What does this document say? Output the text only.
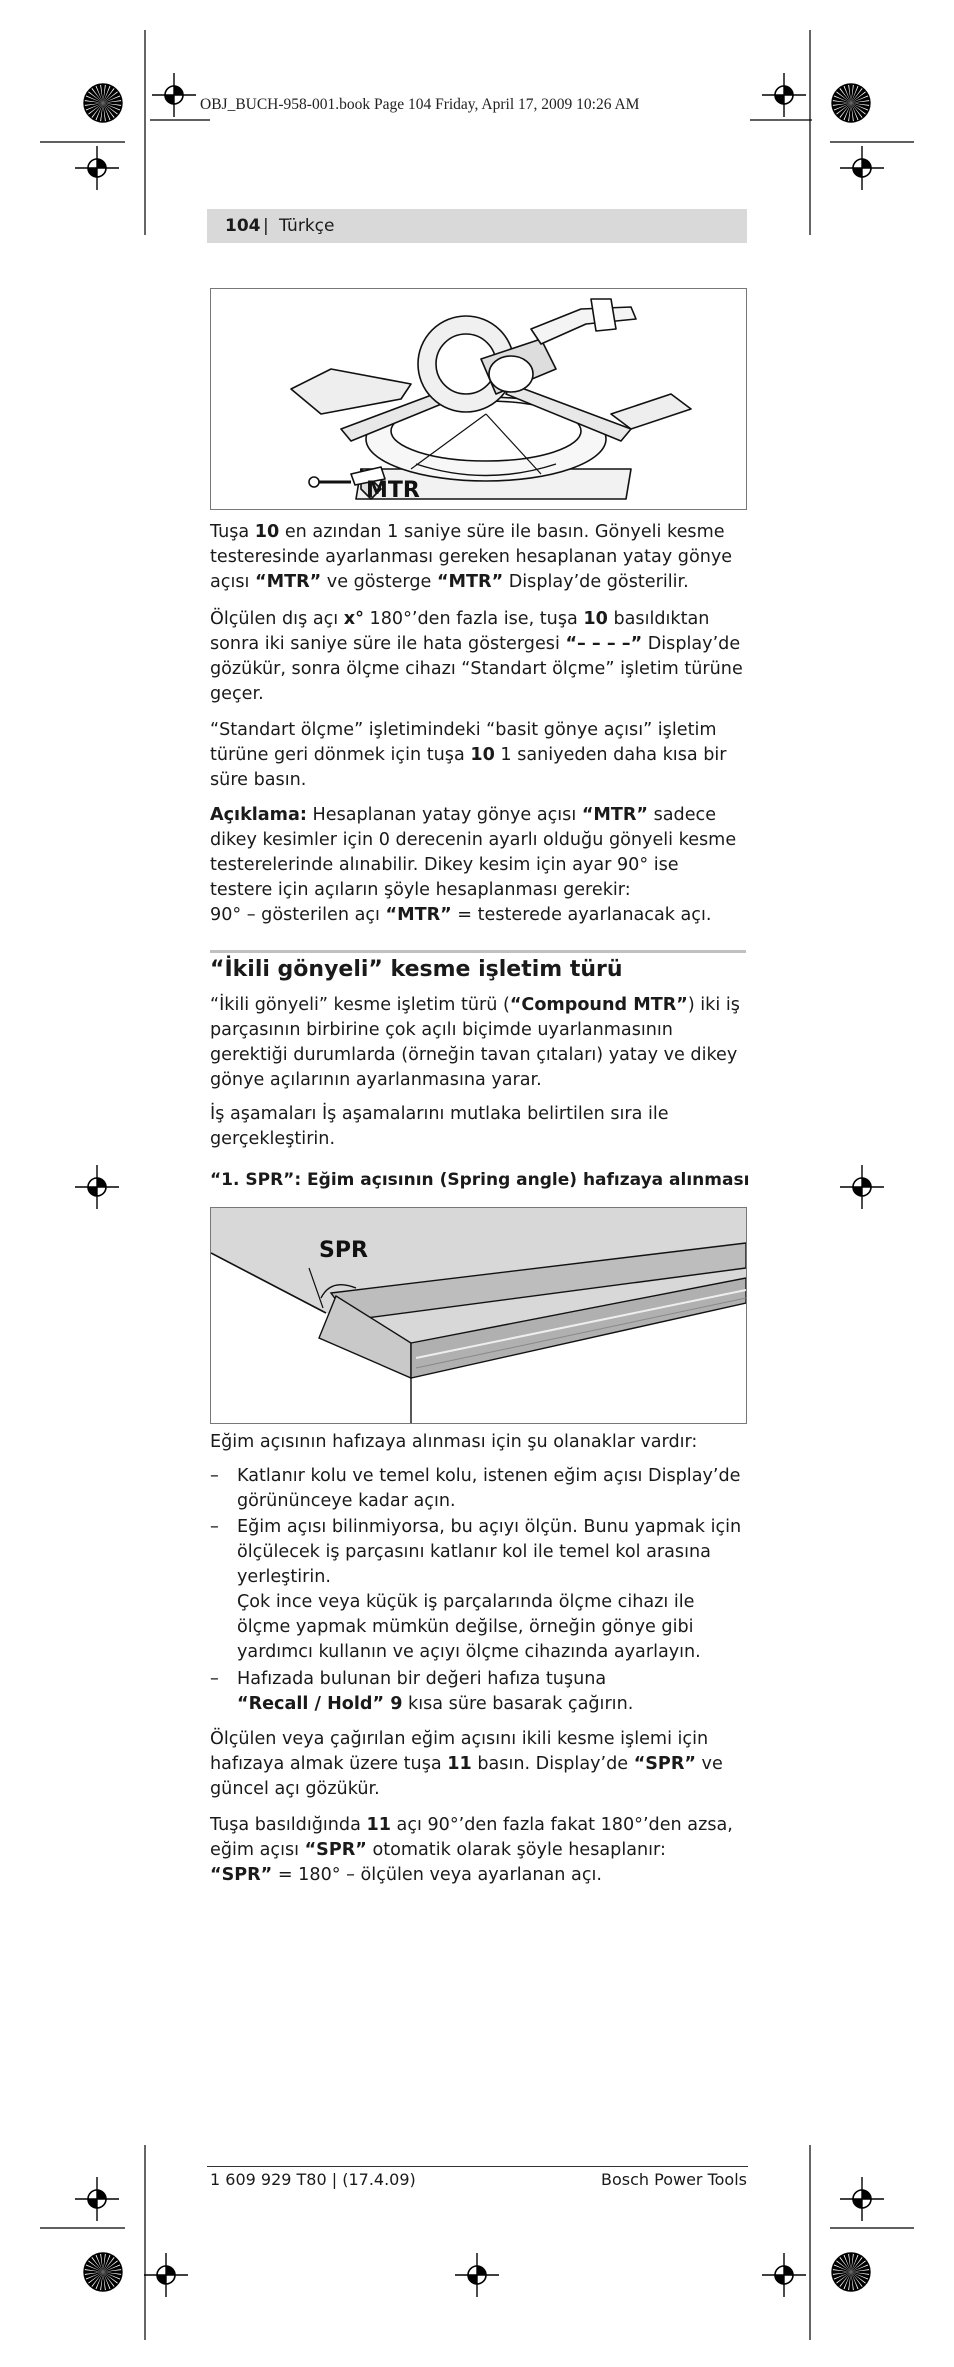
OBJ_BUCH-958-001.book Page 104 Friday, April 17, 2009 10:26 AM
104 | Türkçe
MTR
Tuşa 10 en azından 1 saniye süre ile basın. Gönyeli kesme testeresinde ayarlanması gereken hesaplanan yatay gönye açısı “MTR” ve gösterge “MTR” Display’de gösterilir.
Ölçülen dış açı x° 180°’den fazla ise, tuşa 10 basıldıktan sonra iki saniye süre ile hata göstergesi “– – – –” Display’de gözükür, sonra ölçme cihazı “Standart ölçme” işletim türüne geçer.
“Standart ölçme” işletimindeki “basit gönye açısı” işletim türüne geri dönmek için tuşa 10 1 saniyeden daha kısa bir süre basın.
Açıklama: Hesaplanan yatay gönye açısı “MTR” sadece dikey kesimler için 0 derecenin ayarlı olduğu gönyeli kesme testerelerinde alınabilir. Dikey kesim için ayar 90° ise testere için açıların şöyle hesaplanması gerekir:
90° – gösterilen açı “MTR” = testerede ayarlanacak açı.
“İkili gönyeli” kesme işletim türü
“İkili gönyeli” kesme işletim türü (“Compound MTR”) iki iş parçasının birbirine çok açılı biçimde uyarlanmasının gerektiği durumlarda (örneğin tavan çıtaları) yatay ve dikey gönye açılarının ayarlanmasına yarar.
İş aşamaları İş aşamalarını mutlaka belirtilen sıra ile gerçekleştirin.
“1. SPR”: Eğim açısının (Spring angle) hafızaya alınması
SPR
Eğim açısının hafızaya alınması için şu olanaklar vardır:
– Katlanır kolu ve temel kolu, istenen eğim açısı Display’de görününceye kadar açın.
– Eğim açısı bilinmiyorsa, bu açıyı ölçün. Bunu yapmak için ölçülecek iş parçasını katlanır kol ile temel kol arasına yerleştirin.
Çok ince veya küçük iş parçalarında ölçme cihazı ile ölçme yapmak mümkün değilse, örneğin gönye gibi yardımcı kullanın ve açıyı ölçme cihazında ayarlayın.
– Hafızada bulunan bir değeri hafıza tuşuna
“Recall / Hold” 9 kısa süre basarak çağırın.
Ölçülen veya çağırılan eğim açısını ikili kesme işlemi için hafızaya almak üzere tuşa 11 basın. Display’de “SPR” ve güncel açı gözükür.
Tuşa basıldığında 11 açı 90°’den fazla fakat 180°’den azsa, eğim açısı “SPR” otomatik olarak şöyle hesaplanır:
“SPR” = 180° – ölçülen veya ayarlanan açı.
1 609 929 T80 | (17.4.09)	Bosch Power Tools
